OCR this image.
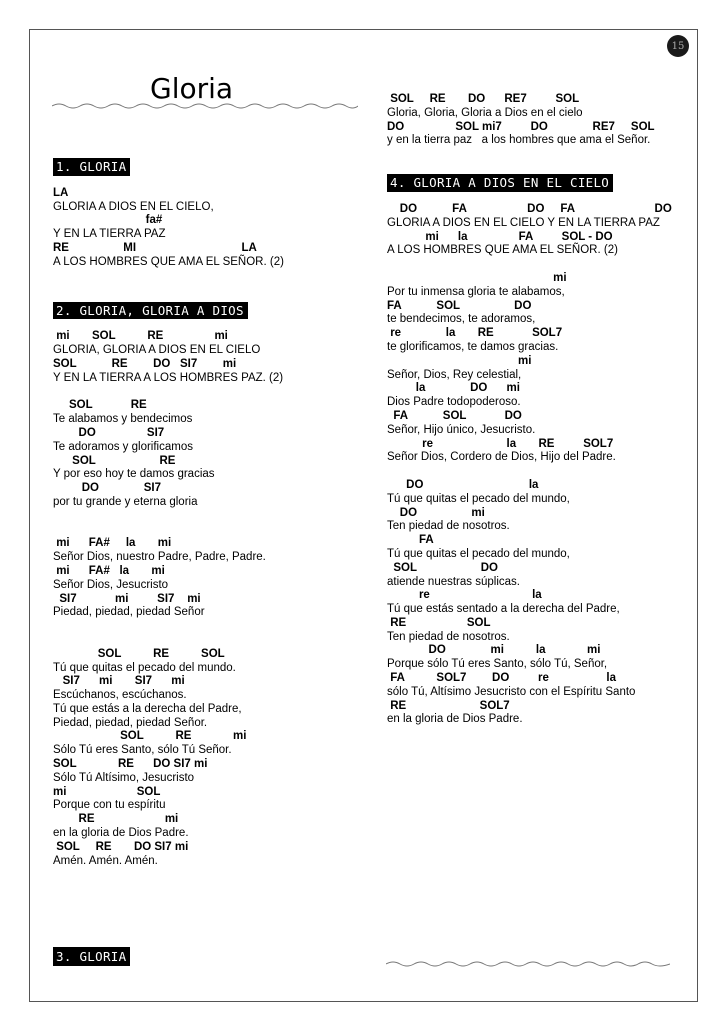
15
Gloria
1. GLORIA
LA
GLORIA A DIOS EN EL CIELO,
fa#
Y EN LA TIERRA PAZ
RE                 MI                                 LA
A LOS HOMBRES QUE AMA EL SEÑOR. (2)
2. GLORIA, GLORIA A DIOS
mi       SOL          RE                mi
GLORIA, GLORIA A DIOS EN EL CIELO
SOL           RE        DO   SI7        mi
Y EN LA TIERRA A LOS HOMBRES PAZ. (2)
SOL            RE
Te alabamos y bendecimos
DO                SI7
Te adoramos y glorificamos
SOL                    RE
Y por eso hoy te damos gracias
DO              SI7
por tu grande y eterna gloria
mi      FA#     la       mi
Señor Dios, nuestro Padre, Padre, Padre.
mi      FA#   la       mi
Señor Dios, Jesucristo
SI7            mi         SI7    mi
Piedad, piedad, piedad Señor
SOL          RE          SOL
Tú que quitas el pecado del mundo.
SI7      mi       SI7      mi
Escúchanos, escúchanos.
Tú que estás a la derecha del Padre,
Piedad, piedad, piedad Señor.
SOL          RE             mi
Sólo Tú eres Santo, sólo Tú Señor.
SOL             RE      DO SI7 mi
Sólo Tú Altísimo, Jesucristo
mi                      SOL
Porque con tu espíritu
RE                      mi
en la gloria de Dios Padre.
SOL     RE       DO SI7 mi
Amén. Amén. Amén.
3. GLORIA
SOL     RE       DO      RE7         SOL
Gloria, Gloria, Gloria a Dios en el cielo
DO                SOL mi7         DO              RE7     SOL
y en la tierra paz   a los hombres que ama el Señor.
4. GLORIA A DIOS EN EL CIELO
DO           FA                   DO     FA                         DO
GLORIA A DIOS EN EL CIELO Y EN LA TIERRA PAZ
mi      la                FA         SOL - DO
A LOS HOMBRES QUE AMA EL SEÑOR. (2)
mi
Por tu inmensa gloria te alabamos,
FA           SOL                 DO
te bendecimos, te adoramos,
re              la       RE            SOL7
te glorificamos, te damos gracias.
mi
Señor, Dios, Rey celestial,
la              DO      mi
Dios Padre todopoderoso.
FA           SOL            DO
Señor, Hijo único, Jesucristo.
re                       la       RE         SOL7
Señor Dios, Cordero de Dios, Hijo del Padre.
DO                                 la
Tú que quitas el pecado del mundo,
DO                 mi
Ten piedad de nosotros.
FA
Tú que quitas el pecado del mundo,
SOL                    DO
atiende nuestras súplicas.
re                                la
Tú que estás sentado a la derecha del Padre,
RE                   SOL
Ten piedad de nosotros.
DO              mi          la             mi
Porque sólo Tú eres Santo, sólo Tú, Señor,
FA          SOL7        DO         re                  la
sólo Tú, Altísimo Jesucristo con el Espíritu Santo
RE                       SOL7
en la gloria de Dios Padre.
